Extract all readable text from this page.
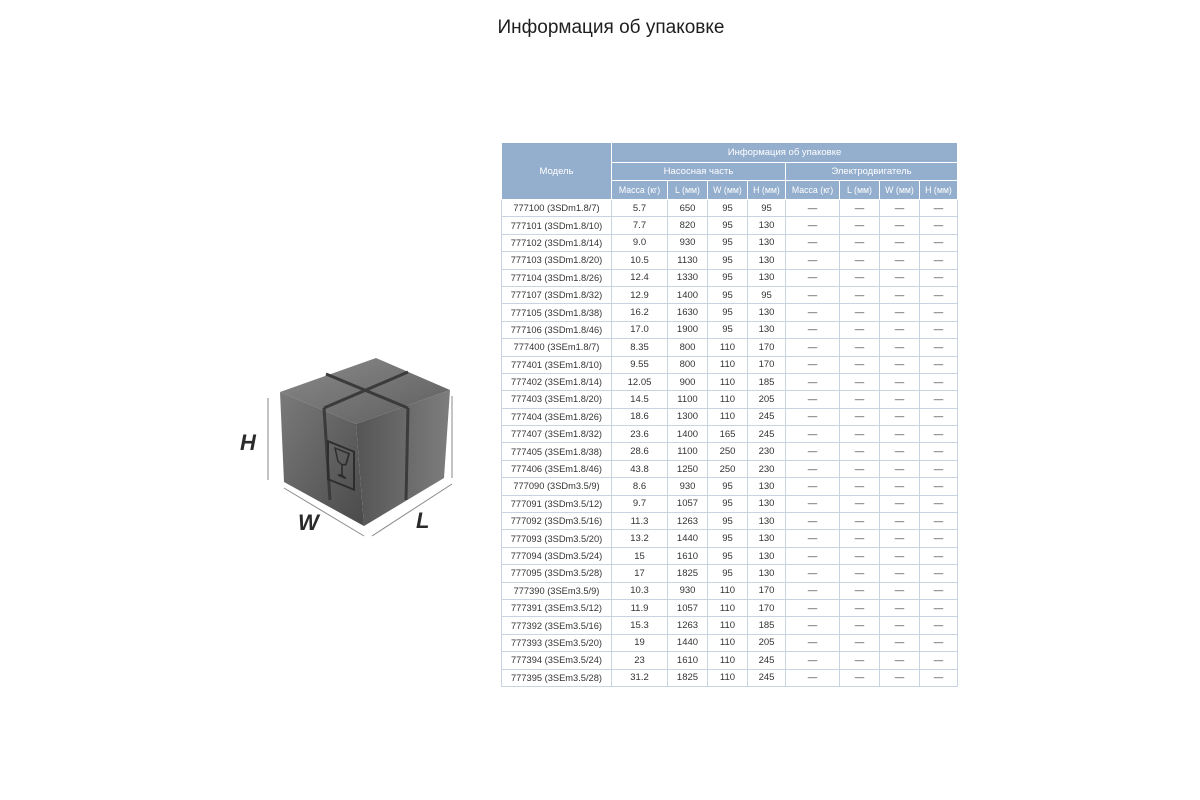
Информация об упаковке
H
W	L
Модель	Информация об упаковке							
	Насосная часть				Электродвигатель			
	Масса (кг)	L (мм)	W (мм)	H (мм)	Масса (кг)	L (мм)	W (мм)	H (мм)
777100 (3SDm1.8/7)	5.7	650	95	95	—	—	—	—
777101 (3SDm1.8/10)	7.7	820	95	130	—	—	—	—
777102 (3SDm1.8/14)	9.0	930	95	130	—	—	—	—
777103 (3SDm1.8/20)	10.5	1130	95	130	—	—	—	—
777104 (3SDm1.8/26)	12.4	1330	95	130	—	—	—	—
777107 (3SDm1.8/32)	12.9	1400	95	95	—	—	—	—
777105 (3SDm1.8/38)	16.2	1630	95	130	—	—	—	—
777106 (3SDm1.8/46)	17.0	1900	95	130	—	—	—	—
777400 (3SEm1.8/7)	8.35	800	110	170	—	—	—	—
777401 (3SEm1.8/10)	9.55	800	110	170	—	—	—	—
777402 (3SEm1.8/14)	12.05	900	110	185	—	—	—	—
777403 (3SEm1.8/20)	14.5	1100	110	205	—	—	—	—
777404 (3SEm1.8/26)	18.6	1300	110	245	—	—	—	—
777407 (3SEm1.8/32)	23.6	1400	165	245	—	—	—	—
777405 (3SEm1.8/38)	28.6	1100	250	230	—	—	—	—
777406 (3SEm1.8/46)	43.8	1250	250	230	—	—	—	—
777090 (3SDm3.5/9)	8.6	930	95	130	—	—	—	—
777091 (3SDm3.5/12)	9.7	1057	95	130	—	—	—	—
777092 (3SDm3.5/16)	11.3	1263	95	130	—	—	—	—
777093 (3SDm3.5/20)	13.2	1440	95	130	—	—	—	—
777094 (3SDm3.5/24)	15	1610	95	130	—	—	—	—
777095 (3SDm3.5/28)	17	1825	95	130	—	—	—	—
777390 (3SEm3.5/9)	10.3	930	110	170	—	—	—	—
777391 (3SEm3.5/12)	11.9	1057	110	170	—	—	—	—
777392 (3SEm3.5/16)	15.3	1263	110	185	—	—	—	—
777393 (3SEm3.5/20)	19	1440	110	205	—	—	—	—
777394 (3SEm3.5/24)	23	1610	110	245	—	—	—	—
777395 (3SEm3.5/28)	31.2	1825	110	245	—	—	—	—
